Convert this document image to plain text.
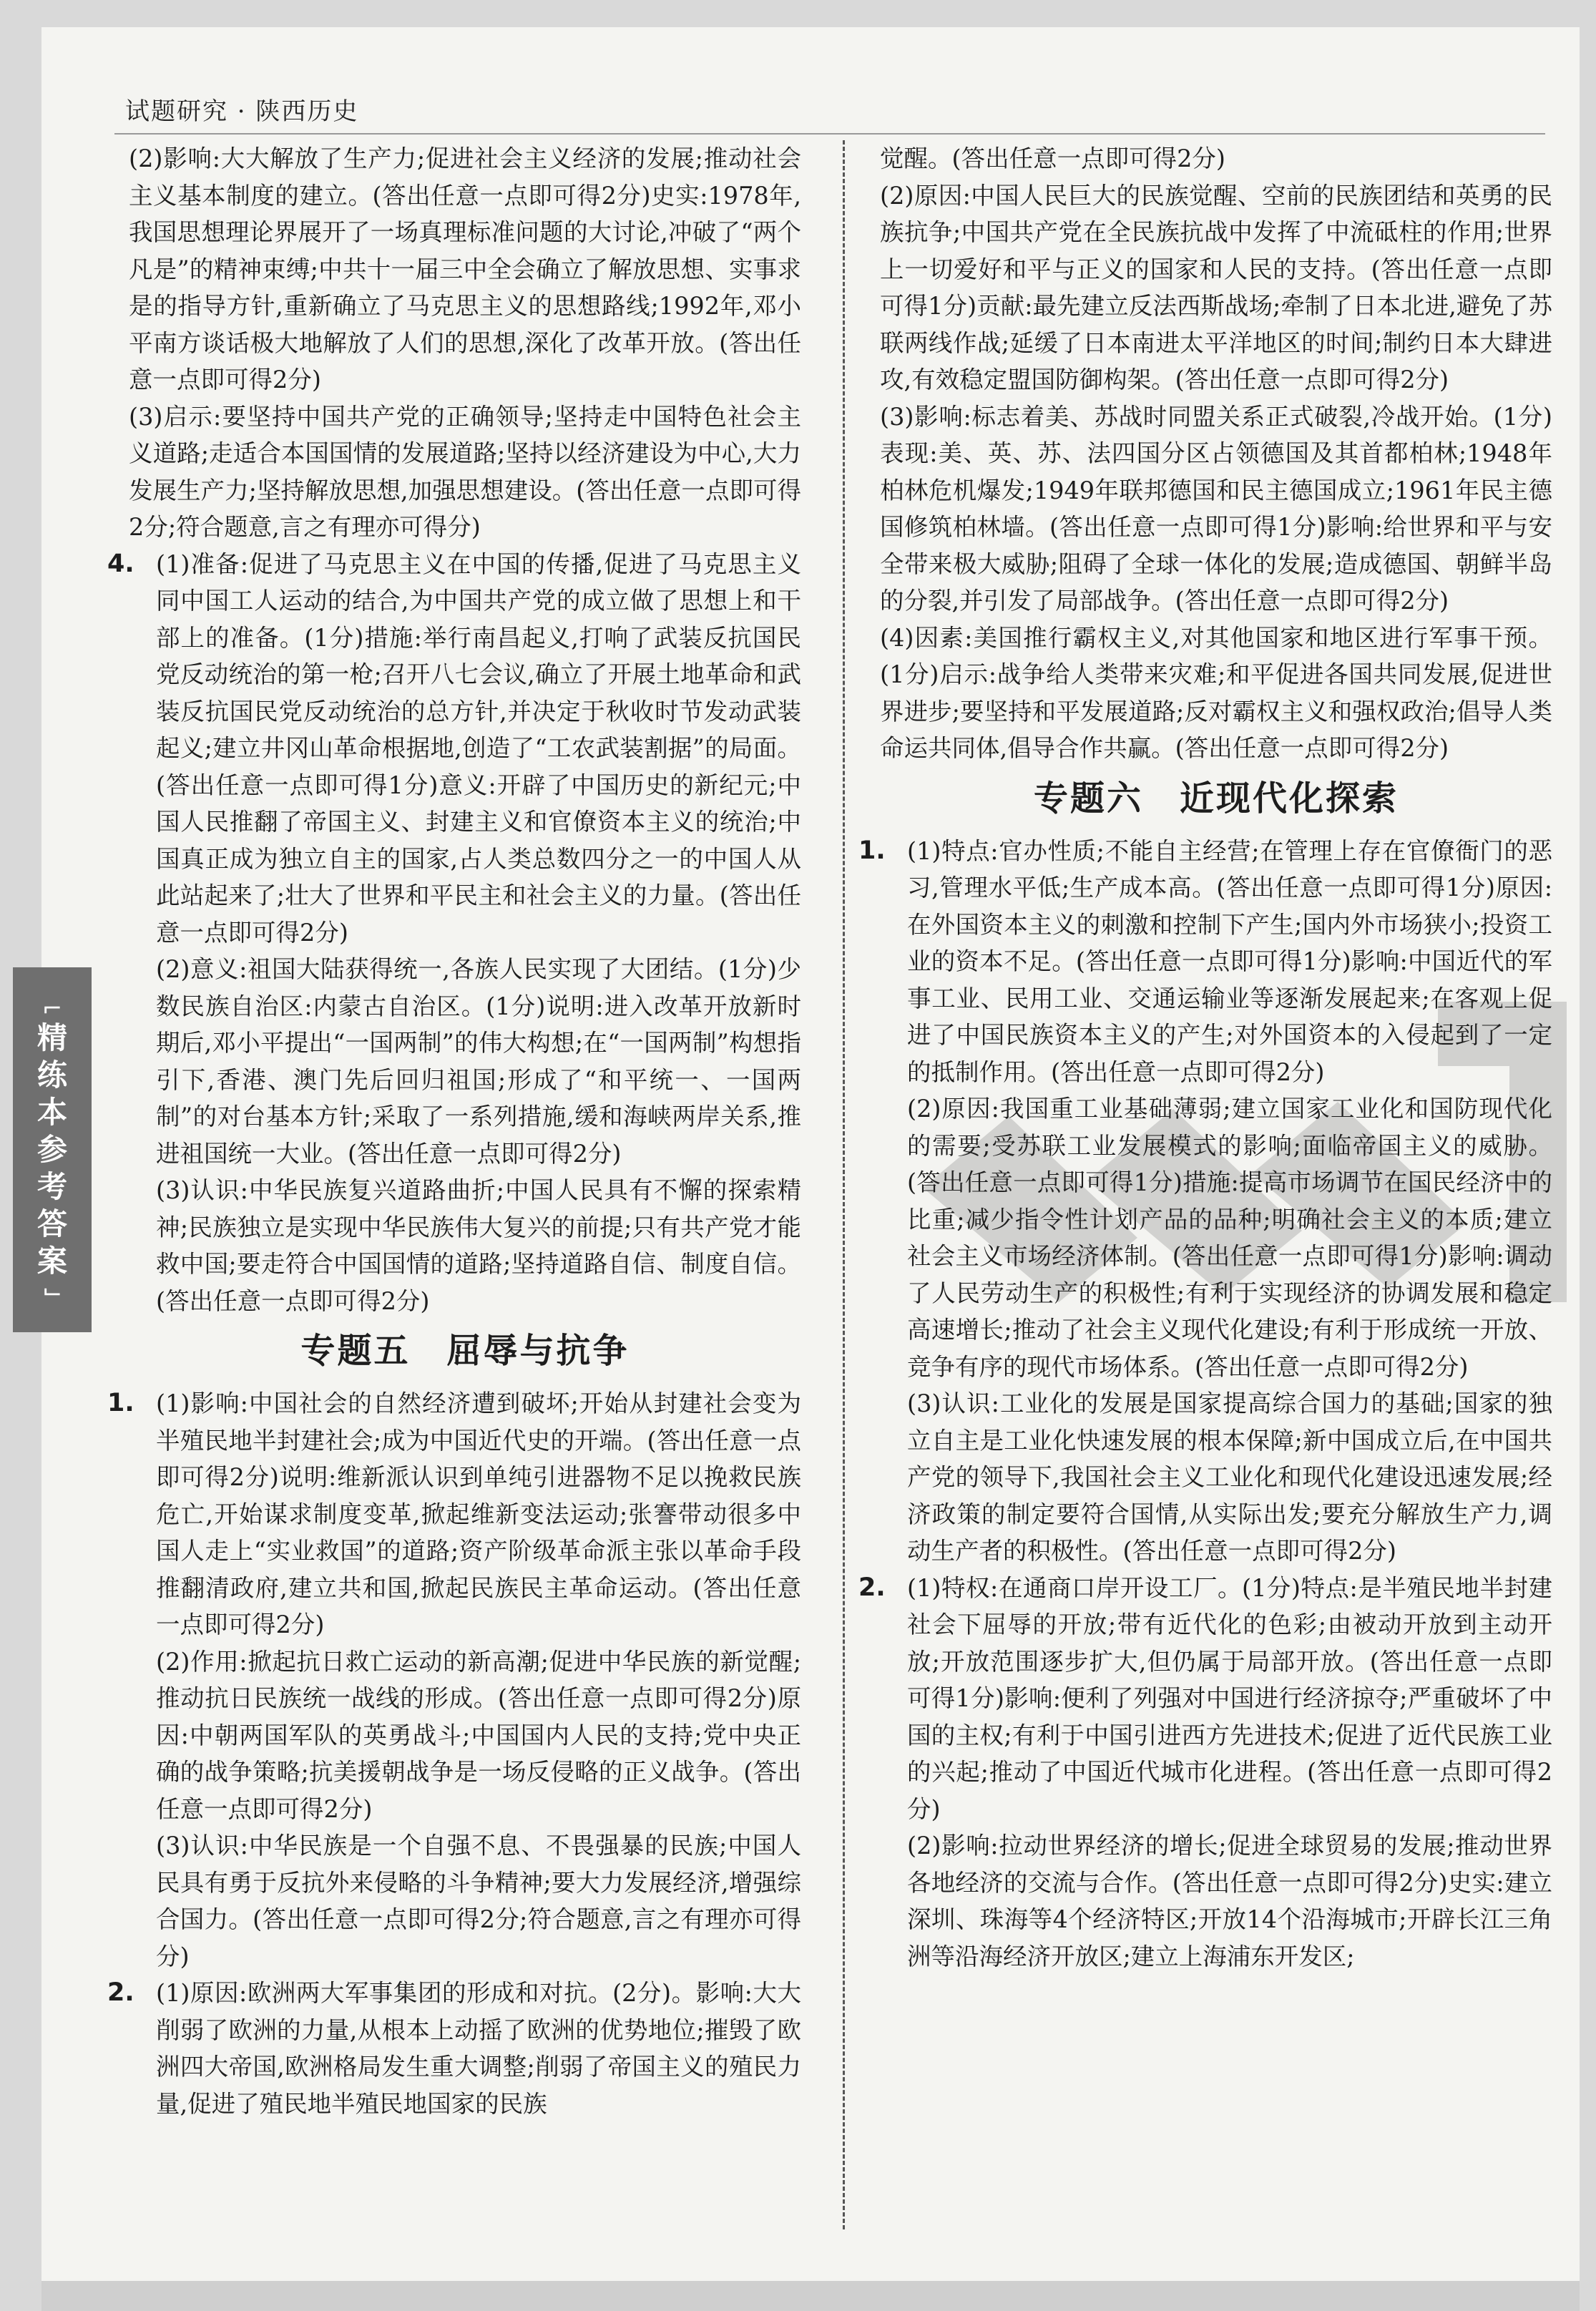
试题研究 · 陕西历史
⌐
精
练
本
参
考
答
案
⌙

(2)影响:大大解放了生产力;促进社会主义经济的发展;推动社会主义基本制度的建立。(答出任意一点即可得2分)史实:1978年,我国思想理论界展开了一场真理标准问题的大讨论,冲破了“两个凡是”的精神束缚;中共十一届三中全会确立了解放思想、实事求是的指导方针,重新确立了马克思主义的思想路线;1992年,邓小平南方谈话极大地解放了人们的思想,深化了改革开放。(答出任意一点即可得2分)

(3)启示:要坚持中国共产党的正确领导;坚持走中国特色社会主义道路;走适合本国国情的发展道路;坚持以经济建设为中心,大力发展生产力;坚持解放思想,加强思想建设。(答出任意一点即可得2分;符合题意,言之有理亦可得分)

4. (1)准备:促进了马克思主义在中国的传播,促进了马克思主义同中国工人运动的结合,为中国共产党的成立做了思想上和干部上的准备。(1分)措施:举行南昌起义,打响了武装反抗国民党反动统治的第一枪;召开八七会议,确立了开展土地革命和武装反抗国民党反动统治的总方针,并决定于秋收时节发动武装起义;建立井冈山革命根据地,创造了“工农武装割据”的局面。(答出任意一点即可得1分)意义:开辟了中国历史的新纪元;中国人民推翻了帝国主义、封建主义和官僚资本主义的统治;中国真正成为独立自主的国家,占人类总数四分之一的中国人从此站起来了;壮大了世界和平民主和社会主义的力量。(答出任意一点即可得2分)

(2)意义:祖国大陆获得统一,各族人民实现了大团结。(1分)少数民族自治区:内蒙古自治区。(1分)说明:进入改革开放新时期后,邓小平提出“一国两制”的伟大构想;在“一国两制”构想指引下,香港、澳门先后回归祖国;形成了“和平统一、一国两制”的对台基本方针;采取了一系列措施,缓和海峡两岸关系,推进祖国统一大业。(答出任意一点即可得2分)

(3)认识:中华民族复兴道路曲折;中国人民具有不懈的探索精神;民族独立是实现中华民族伟大复兴的前提;只有共产党才能救中国;要走符合中国国情的道路;坚持道路自信、制度自信。(答出任意一点即可得2分)

专题五　屈辱与抗争
1. (1)影响:中国社会的自然经济遭到破坏;开始从封建社会变为半殖民地半封建社会;成为中国近代史的开端。(答出任意一点即可得2分)说明:维新派认识到单纯引进器物不足以挽救民族危亡,开始谋求制度变革,掀起维新变法运动;张謇带动很多中国人走上“实业救国”的道路;资产阶级革命派主张以革命手段推翻清政府,建立共和国,掀起民族民主革命运动。(答出任意一点即可得2分)

(2)作用:掀起抗日救亡运动的新高潮;促进中华民族的新觉醒;推动抗日民族统一战线的形成。(答出任意一点即可得2分)原因:中朝两国军队的英勇战斗;中国国内人民的支持;党中央正确的战争策略;抗美援朝战争是一场反侵略的正义战争。(答出任意一点即可得2分)

(3)认识:中华民族是一个自强不息、不畏强暴的民族;中国人民具有勇于反抗外来侵略的斗争精神;要大力发展经济,增强综合国力。(答出任意一点即可得2分;符合题意,言之有理亦可得分)

2. (1)原因:欧洲两大军事集团的形成和对抗。(2分)。影响:大大削弱了欧洲的力量,从根本上动摇了欧洲的优势地位;摧毁了欧洲四大帝国,欧洲格局发生重大调整;削弱了帝国主义的殖民力量,促进了殖民地半殖民地国家的民族

觉醒。(答出任意一点即可得2分)

(2)原因:中国人民巨大的民族觉醒、空前的民族团结和英勇的民族抗争;中国共产党在全民族抗战中发挥了中流砥柱的作用;世界上一切爱好和平与正义的国家和人民的支持。(答出任意一点即可得1分)贡献:最先建立反法西斯战场;牵制了日本北进,避免了苏联两线作战;延缓了日本南进太平洋地区的时间;制约日本大肆进攻,有效稳定盟国防御构架。(答出任意一点即可得2分)

(3)影响:标志着美、苏战时同盟关系正式破裂,冷战开始。(1分)表现:美、英、苏、法四国分区占领德国及其首都柏林;1948年柏林危机爆发;1949年联邦德国和民主德国成立;1961年民主德国修筑柏林墙。(答出任意一点即可得1分)影响:给世界和平与安全带来极大威胁;阻碍了全球一体化的发展;造成德国、朝鲜半岛的分裂,并引发了局部战争。(答出任意一点即可得2分)

(4)因素:美国推行霸权主义,对其他国家和地区进行军事干预。(1分)启示:战争给人类带来灾难;和平促进各国共同发展,促进世界进步;要坚持和平发展道路;反对霸权主义和强权政治;倡导人类命运共同体,倡导合作共赢。(答出任意一点即可得2分)

专题六　近现代化探索
1. (1)特点:官办性质;不能自主经营;在管理上存在官僚衙门的恶习,管理水平低;生产成本高。(答出任意一点即可得1分)原因:在外国资本主义的刺激和控制下产生;国内外市场狭小;投资工业的资本不足。(答出任意一点即可得1分)影响:中国近代的军事工业、民用工业、交通运输业等逐渐发展起来;在客观上促进了中国民族资本主义的产生;对外国资本的入侵起到了一定的抵制作用。(答出任意一点即可得2分)

(2)原因:我国重工业基础薄弱;建立国家工业化和国防现代化的需要;受苏联工业发展模式的影响;面临帝国主义的威胁。(答出任意一点即可得1分)措施:提高市场调节在国民经济中的比重;减少指令性计划产品的品种;明确社会主义的本质;建立社会主义市场经济体制。(答出任意一点即可得1分)影响:调动了人民劳动生产的积极性;有利于实现经济的协调发展和稳定高速增长;推动了社会主义现代化建设;有利于形成统一开放、竞争有序的现代市场体系。(答出任意一点即可得2分)

(3)认识:工业化的发展是国家提高综合国力的基础;国家的独立自主是工业化快速发展的根本保障;新中国成立后,在中国共产党的领导下,我国社会主义工业化和现代化建设迅速发展;经济政策的制定要符合国情,从实际出发;要充分解放生产力,调动生产者的积极性。(答出任意一点即可得2分)

2. (1)特权:在通商口岸开设工厂。(1分)特点:是半殖民地半封建社会下屈辱的开放;带有近代化的色彩;由被动开放到主动开放;开放范围逐步扩大,但仍属于局部开放。(答出任意一点即可得1分)影响:便利了列强对中国进行经济掠夺;严重破坏了中国的主权;有利于中国引进西方先进技术;促进了近代民族工业的兴起;推动了中国近代城市化进程。(答出任意一点即可得2分)

(2)影响:拉动世界经济的增长;促进全球贸易的发展;推动世界各地经济的交流与合作。(答出任意一点即可得2分)史实:建立深圳、珠海等4个经济特区;开放14个沿海城市;开辟长江三角洲等沿海经济开放区;建立上海浦东开发区;
